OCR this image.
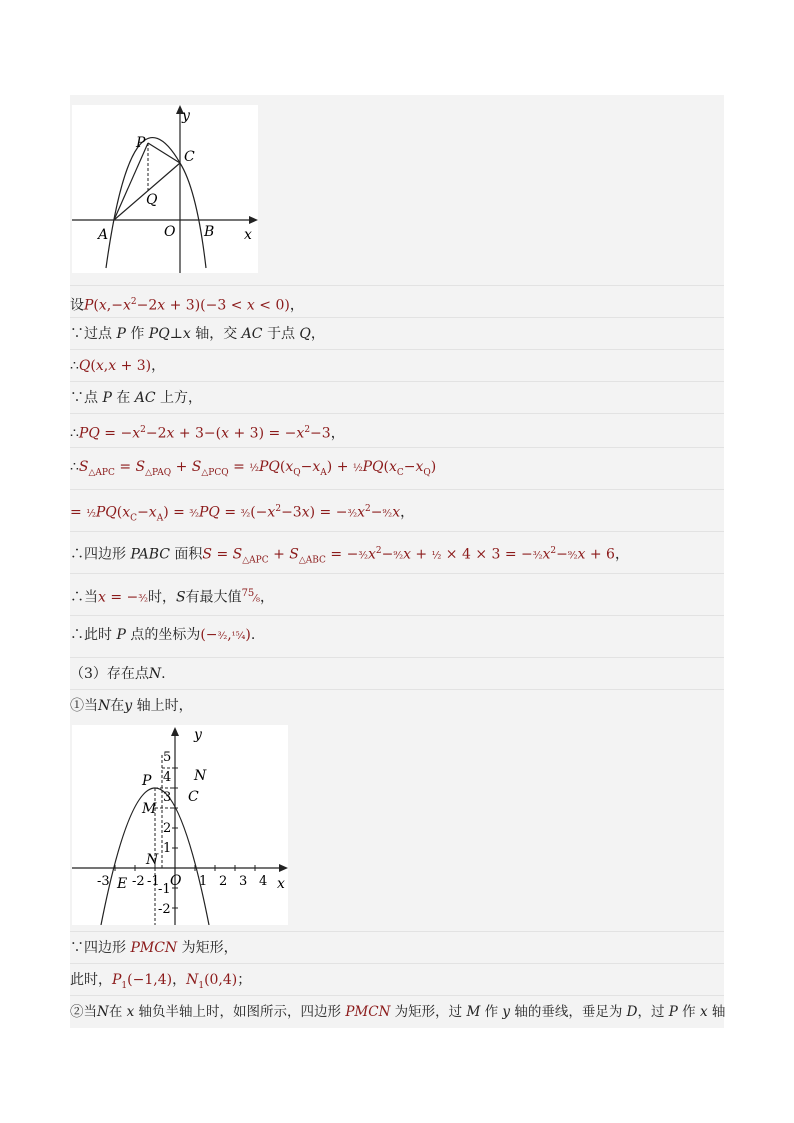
y
x
P
C
Q
A	O B
设$P(x,-x^2-2x + 3)(-3 < x < 0)$，
∵过点 P 作 PQ⊥x 轴，交 AC 于点 Q，
∴Q(x,x + 3)，
∵点 P 在 AC 上方，
∴PQ = $-x^2-2x + 3-(x + 3) = -x^2-3$，
$\therefore S_{\triangle APC} = S_{\triangle PAQ} + S_{\triangle PCQ}$ = $\frac{1}{2}PQ(x_Q-x_A)$ + $\frac{1}{2}PQ(x_C-x_Q)$
= $\frac{1}{2}PQ(x_C-x_A)$ = ³⁄₂PQ = $^3⁄_2(-x^2-3x)$ = $-^3⁄_2x^2-^9⁄_2x$，
∴四边形 PABC 面积$S = S_{\triangle APC} + S_{\triangle ABC}$ = $-^3⁄_2x^2-^9⁄_2x$ + ½ × $4 \times 3 = -^3⁄_2x^2-^9⁄_2x + 6$，
∴当x = −³⁄₂时，S有最大值$^{75}$⁄₈，
∴此时 P 点的坐标为(−³⁄₂,¹⁵⁄₄).
（3）存在点N.
①当N在y 轴上时，
5
4
3
2
1
-1
-2
-3 -2 -1	1 2 3 4
y
x
P	N
C
M
N
O
E
∵四边形 PMCN 为矩形，
此时，$P_1(-1,4)$，$N_1(0,4)$；
②当N在 x 轴负半轴上时，如图所示，四边形 PMCN 为矩形，过 M 作 y 轴的垂线，垂足为 D，过 P 作 x 轴
